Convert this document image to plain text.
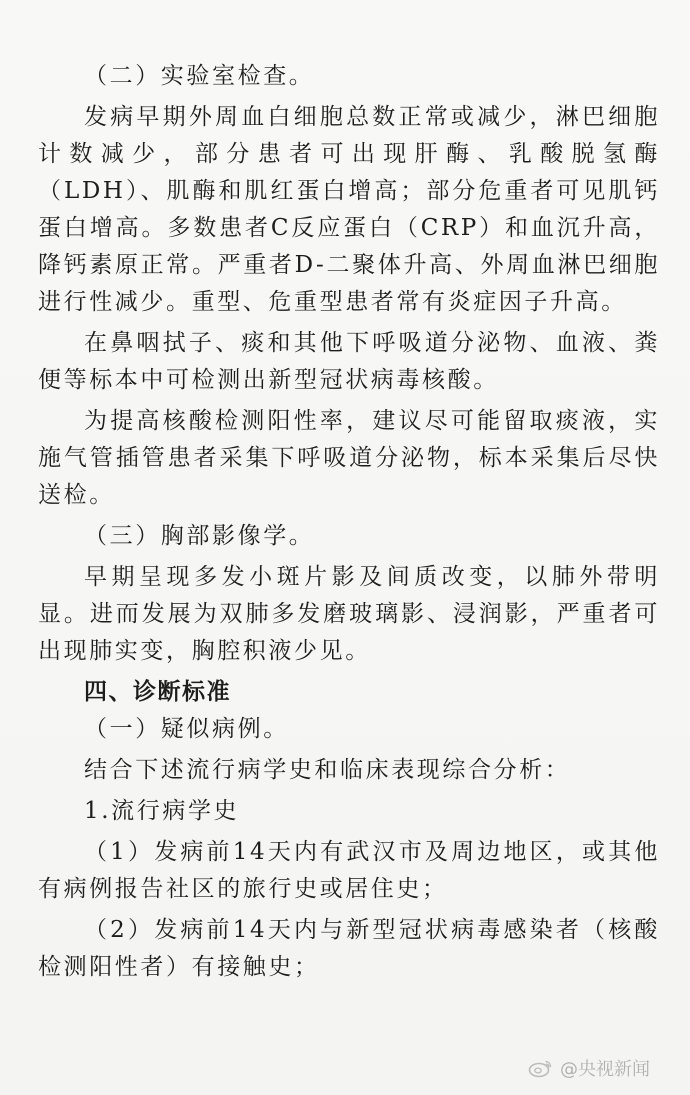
（二）实验室检查。

发病早期外周血白细胞总数正常或减少，淋巴细胞计数减少，部分患者可出现肝酶、乳酸脱氢酶（LDH）、肌酶和肌红蛋白增高；部分危重者可见肌钙蛋白增高。多数患者C反应蛋白（CRP）和血沉升高，降钙素原正常。严重者D-二聚体升高、外周血淋巴细胞进行性减少。重型、危重型患者常有炎症因子升高。

在鼻咽拭子、痰和其他下呼吸道分泌物、血液、粪便等标本中可检测出新型冠状病毒核酸。

为提高核酸检测阳性率，建议尽可能留取痰液，实施气管插管患者采集下呼吸道分泌物，标本采集后尽快送检。

（三）胸部影像学。

早期呈现多发小斑片影及间质改变，以肺外带明显。进而发展为双肺多发磨玻璃影、浸润影，严重者可出现肺实变，胸腔积液少见。

四、诊断标准

（一）疑似病例。

结合下述流行病学史和临床表现综合分析：

1.流行病学史

（1）发病前14天内有武汉市及周边地区，或其他有病例报告社区的旅行史或居住史；

（2）发病前14天内与新型冠状病毒感染者（核酸检测阳性者）有接触史；

@央视新闻
